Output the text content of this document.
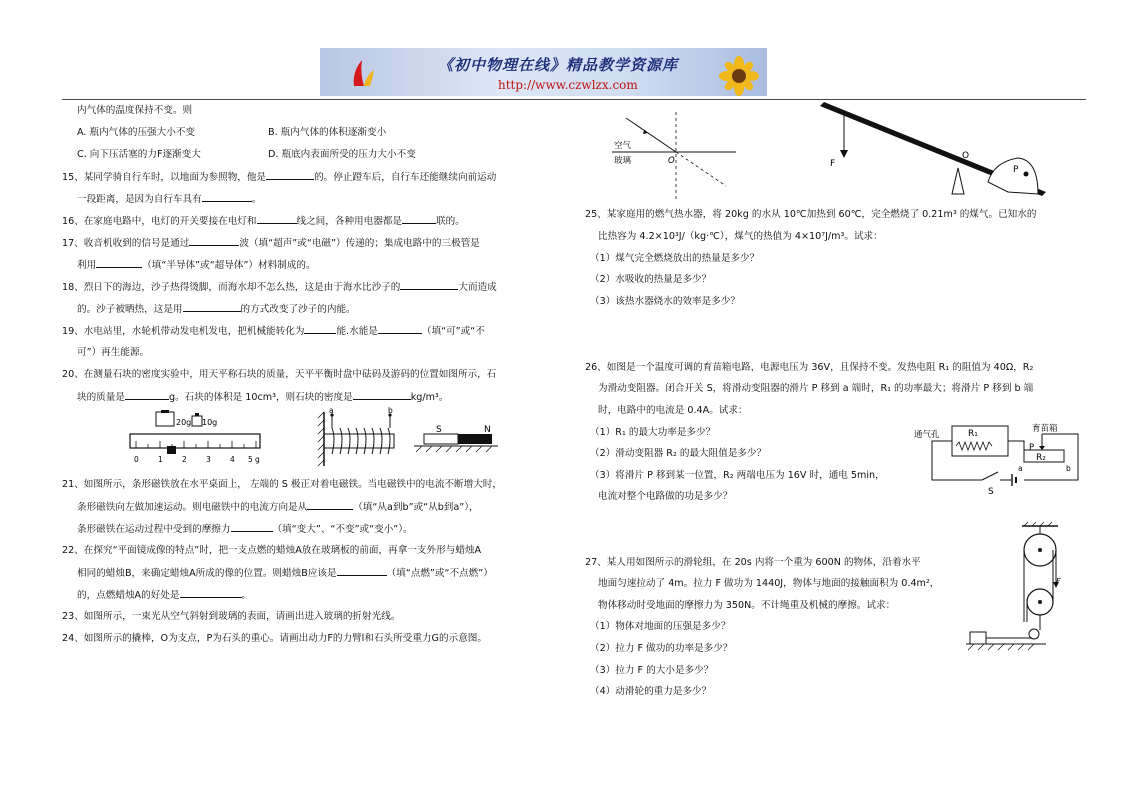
《初中物理在线》精品教学资源库
http://www.czwlzx.com
内气体的温度保持不变。则
A. 瓶内气体的压强大小不变	B. 瓶内气体的体积逐渐变小
C. 向下压活塞的力F逐渐变大	D. 瓶底内表面所受的压力大小不变
15、某同学骑自行车时，以地面为参照物，他是	的。停止蹬车后，自行车还能继续向前运动
一段距离，是因为自行车具有	。
16、在家庭电路中，电灯的开关要接在电灯和	线之间，各种用电器都是	联的。
17、收音机收到的信号是通过	波（填“超声”或“电磁”）传递的；集成电路中的三极管是
利用	（填“半导体”或“超导体”）材料制成的。
18、烈日下的海边，沙子热得烫脚，而海水却不怎么热，这是由于海水比沙子的	大而造成
的。沙子被晒热，这是用	的方式改变了沙子的内能。
19、水电站里，水轮机带动发电机发电，把机械能转化为	能.水能是	（填“可”或“不
可”）再生能源。
20、在测量石块的密度实验中，用天平称石块的质量，天平平衡时盘中砝码及游码的位置如图所示，石
块的质量是	g。石块的体积是 10cm³，则石块的密度是	kg/m³。
20g 10g
0	1	2	3	4 5 g
a	b
S	N
21、如图所示，条形磁铁放在水平桌面上， 左端的 S 极正对着电磁铁。当电磁铁中的电流不断增大时，
条形磁铁向左做加速运动。则电磁铁中的电流方向是从	（填“从a到b”或“从b到a”），
条形磁铁在运动过程中受到的摩擦力	（填“变大”、“不变”或“变小”）。
22、在探究“平面镜成像的特点”时，把一支点燃的蜡烛A放在玻璃板的前面，再拿一支外形与蜡烛A
相同的蜡烛B，来确定蜡烛A所成的像的位置。则蜡烛B应该是	（填“点燃”或“不点燃”）
的，点燃蜡烛A的好处是	。
23、如图所示，一束光从空气斜射到玻璃的表面，请画出进入玻璃的折射光线。
24、如图所示的撬棒，O为支点，P为石头的重心。请画出动力F的力臂l和石头所受重力G的示意图。
空气
玻璃	O	F
O
P
25、某家庭用的燃气热水器，将 20kg 的水从 10℃加热到 60℃，完全燃烧了 0.21m³ 的煤气。已知水的
比热容为 4.2×10³J/（kg·℃），煤气的热值为 4×10⁷J/m³。试求：
（1）煤气完全燃烧放出的热量是多少？
（2）水吸收的热量是多少？
（3）该热水器烧水的效率是多少？
26、如图是一个温度可调的育苗箱电路，电源电压为 36V，且保持不变。发热电阻 R₁ 的阻值为 40Ω，R₂
为滑动变阻器。闭合开关 S，将滑动变阻器的滑片 P 移到 a 端时，R₁ 的功率最大；将滑片 P 移到 b 端
时，电路中的电流是 0.4A。试求：
（1）R₁ 的最大功率是多少？
（2）滑动变阻器 R₂ 的最大阻值是多少？
（3）将滑片 P 移到某一位置，R₂ 两端电压为 16V 时，通电 5min，
电流对整个电路做的功是多少？
育苗箱
通气孔	R₁
R₂
P
a	b
S
27、某人用如图所示的滑轮组，在 20s 内将一个重为 600N 的物体，沿着水平
地面匀速拉动了 4m。拉力 F 做功为 1440J，物体与地面的接触面积为 0.4m²，
物体移动时受地面的摩擦力为 350N。不计绳重及机械的摩擦。试求：
（1）物体对地面的压强是多少？
（2）拉力 F 做功的功率是多少？
（3）拉力 F 的大小是多少？
（4）动滑轮的重力是多少？
F
